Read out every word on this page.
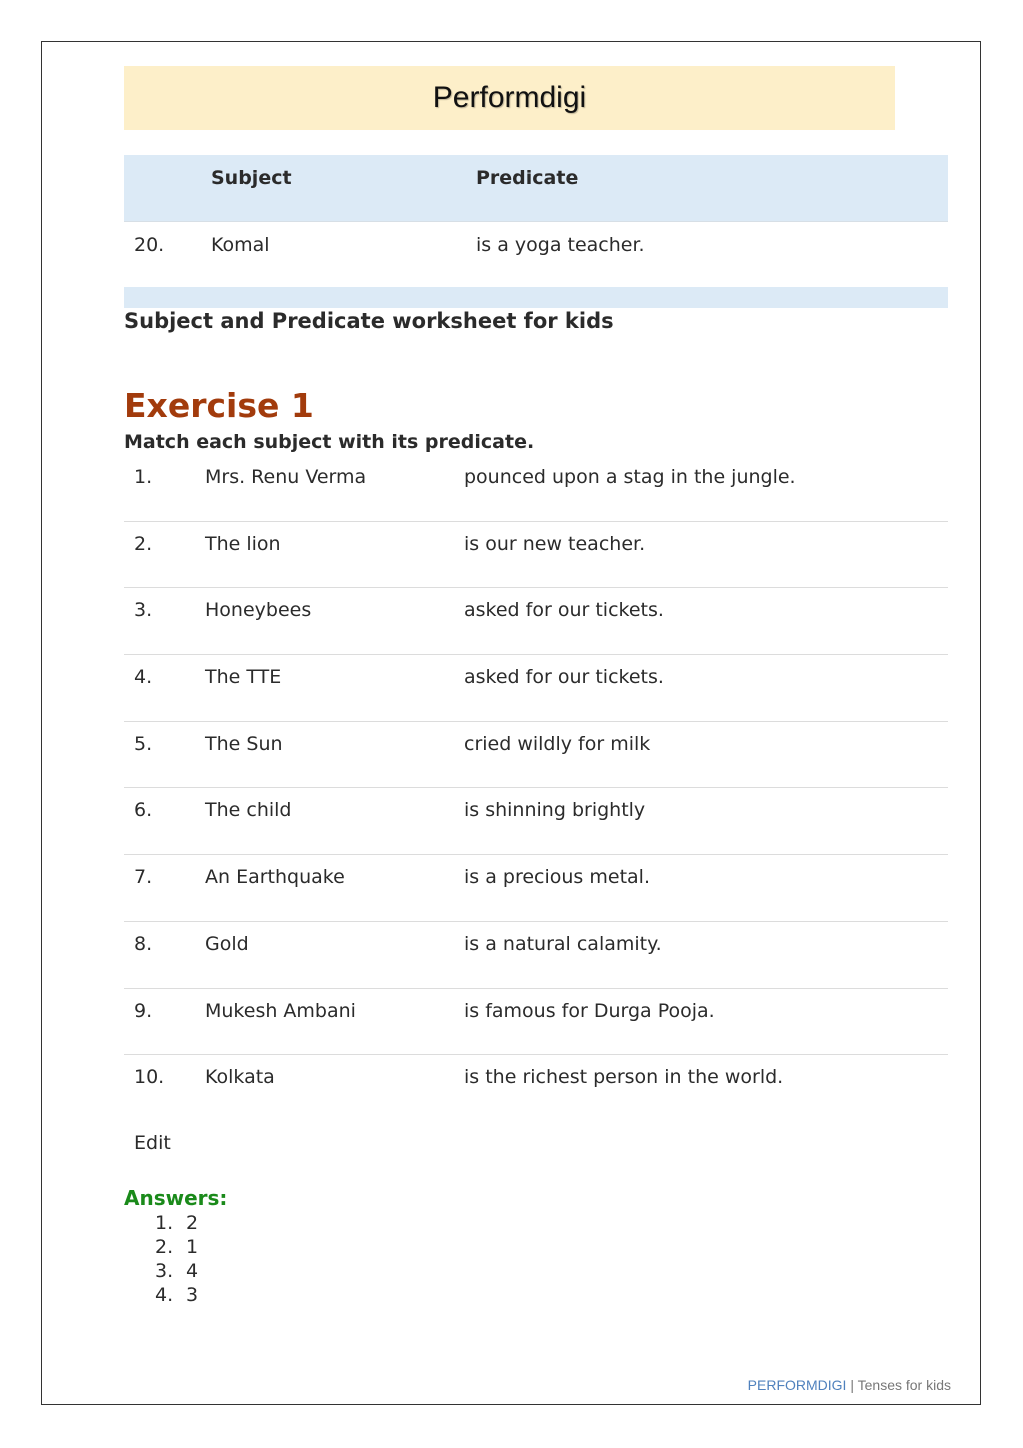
Performdigi
Subject	Predicate
20. Komal	is a yoga teacher.
Subject and Predicate worksheet for kids
Exercise 1
Match each subject with its predicate.
1.	Mrs. Renu Verma	pounced upon a stag in the jungle.
2.	The lion	is our new teacher.
3.	Honeybees	asked for our tickets.
4.	The TTE	asked for our tickets.
5.	The Sun	cried wildly for milk
6.	The child	is shinning brightly
7.	An Earthquake	is a precious metal.
8.	Gold	is a natural calamity.
9.	Mukesh Ambani	is famous for Durga Pooja.
10. Kolkata	is the richest person in the world.
Edit
Answers:
1. 2
2. 1
3. 4
4. 3
PERFORMDIGI | Tenses for kids
